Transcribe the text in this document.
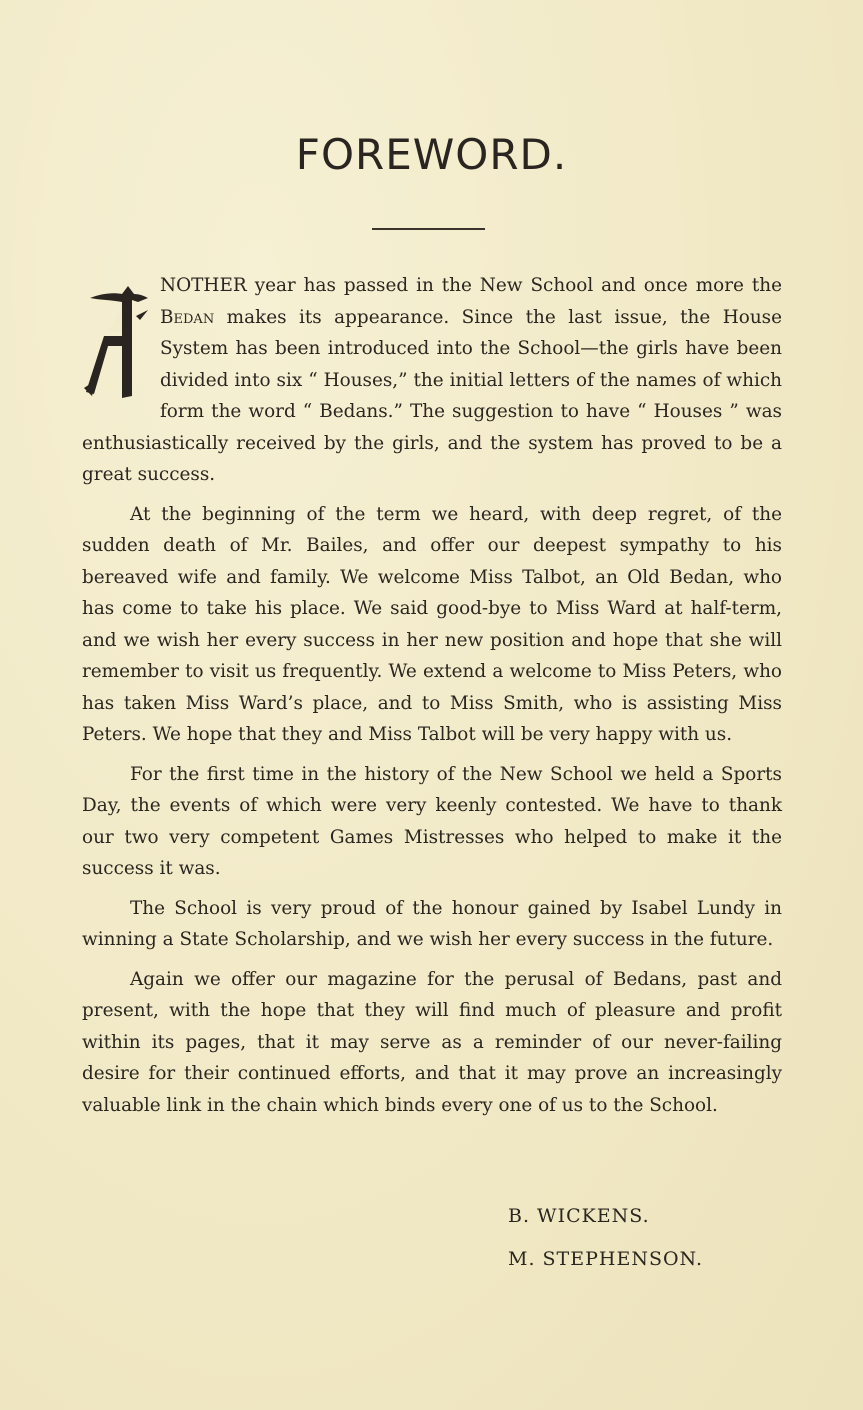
FOREWORD.

NOTHER year has passed in the New School and once more the Bedan makes its appearance. Since the last issue, the House System has been introduced into the School—the girls have been divided into six “ Houses,” the initial letters of the names of which form the word “ Bedans.” The suggestion to have “ Houses ” was enthusiastically received by the girls, and the system has proved to be a great success.

At the beginning of the term we heard, with deep regret, of the sudden death of Mr. Bailes, and offer our deepest sympathy to his bereaved wife and family. We welcome Miss Talbot, an Old Bedan, who has come to take his place. We said good-bye to Miss Ward at half-term, and we wish her every success in her new position and hope that she will remember to visit us frequently. We extend a welcome to Miss Peters, who has taken Miss Ward’s place, and to Miss Smith, who is assisting Miss Peters. We hope that they and Miss Talbot will be very happy with us.

For the first time in the history of the New School we held a Sports Day, the events of which were very keenly contested. We have to thank our two very competent Games Mistresses who helped to make it the success it was.

The School is very proud of the honour gained by Isabel Lundy in winning a State Scholarship, and we wish her every success in the future.

Again we offer our magazine for the perusal of Bedans, past and present, with the hope that they will find much of pleasure and profit within its pages, that it may serve as a reminder of our never-failing desire for their continued efforts, and that it may prove an increasingly valuable link in the chain which binds every one of us to the School.

B. WICKENS.
M. STEPHENSON.
